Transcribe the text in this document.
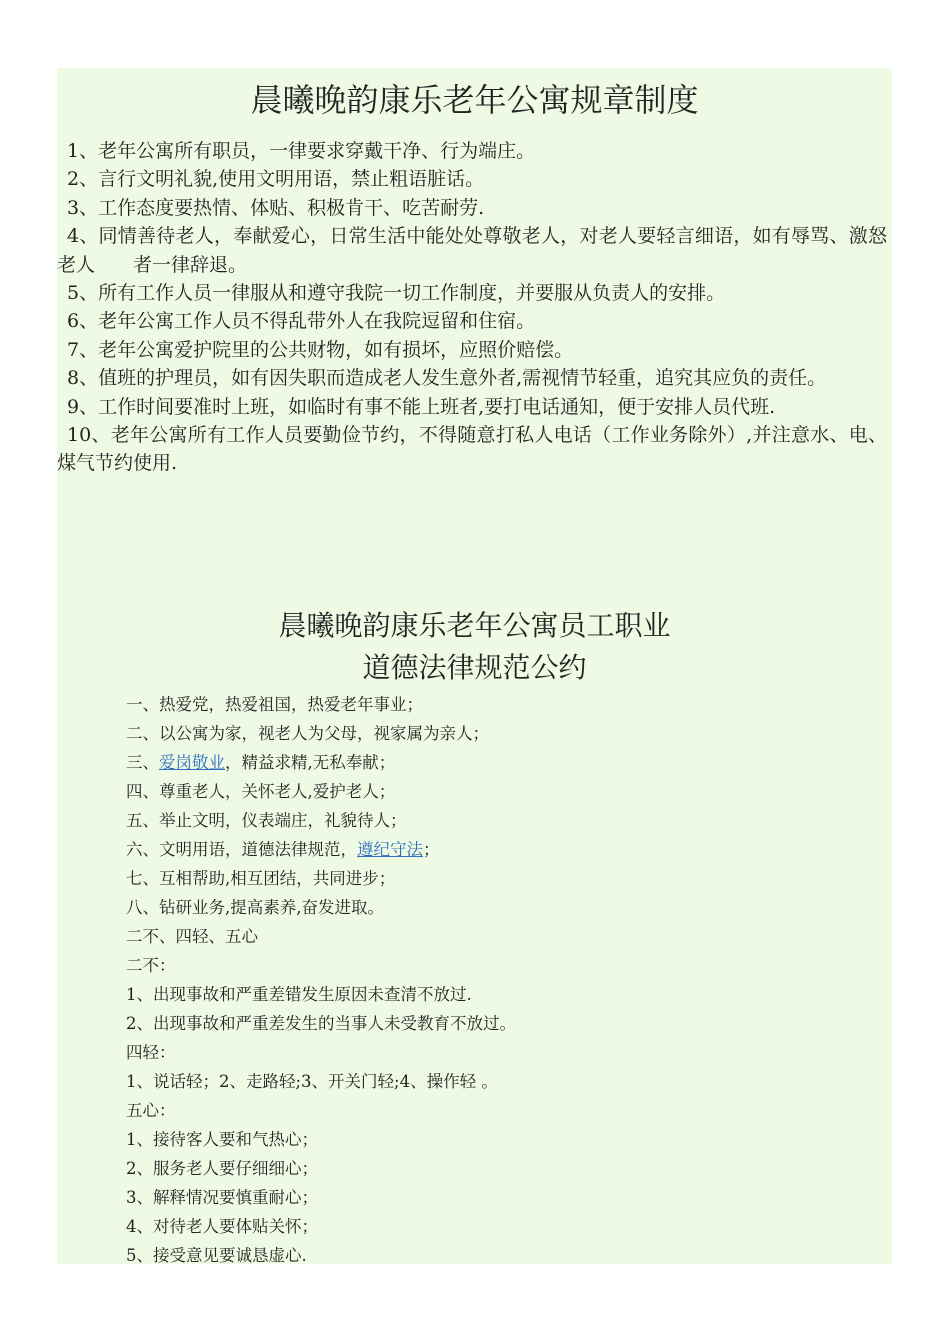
晨曦晚韵康乐老年公寓规章制度

1、老年公寓所有职员，一律要求穿戴干净、行为端庄。

2、言行文明礼貌,使用文明用语，禁止粗语脏话。

3、工作态度要热情、体贴、积极肯干、吃苦耐劳.

4、同情善待老人，奉献爱心，日常生活中能处处尊敬老人，对老人要轻言细语，如有辱骂、激怒老人　　者一律辞退。

5、所有工作人员一律服从和遵守我院一切工作制度，并要服从负责人的安排。

6、老年公寓工作人员不得乱带外人在我院逗留和住宿。

7、老年公寓爱护院里的公共财物，如有损坏，应照价赔偿。

8、值班的护理员，如有因失职而造成老人发生意外者,需视情节轻重，追究其应负的责任。

9、工作时间要准时上班，如临时有事不能上班者,要打电话通知，便于安排人员代班.

10、老年公寓所有工作人员要勤俭节约，不得随意打私人电话（工作业务除外）,并注意水、电、煤气节约使用.

晨曦晚韵康乐老年公寓员工职业
道德法律规范公约

一、热爱党，热爱祖国，热爱老年事业；

二、以公寓为家，视老人为父母，视家属为亲人；

三、爱岗敬业，精益求精,无私奉献；

四、尊重老人，关怀老人,爱护老人；

五、举止文明，仪表端庄，礼貌待人；

六、文明用语，道德法律规范，遵纪守法；

七、互相帮助,相互团结，共同进步；

八、钻研业务,提高素养,奋发进取。

二不、四轻、五心

二不：

1、出现事故和严重差错发生原因未查清不放过.

2、出现事故和严重差发生的当事人未受教育不放过。

四轻：

1、说话轻；2、走路轻;3、开关门轻;4、操作轻 。

五心：

1、接待客人要和气热心；

2、服务老人要仔细细心；

3、解释情况要慎重耐心；

4、对待老人要体贴关怀；

5、接受意见要诚恳虚心.
